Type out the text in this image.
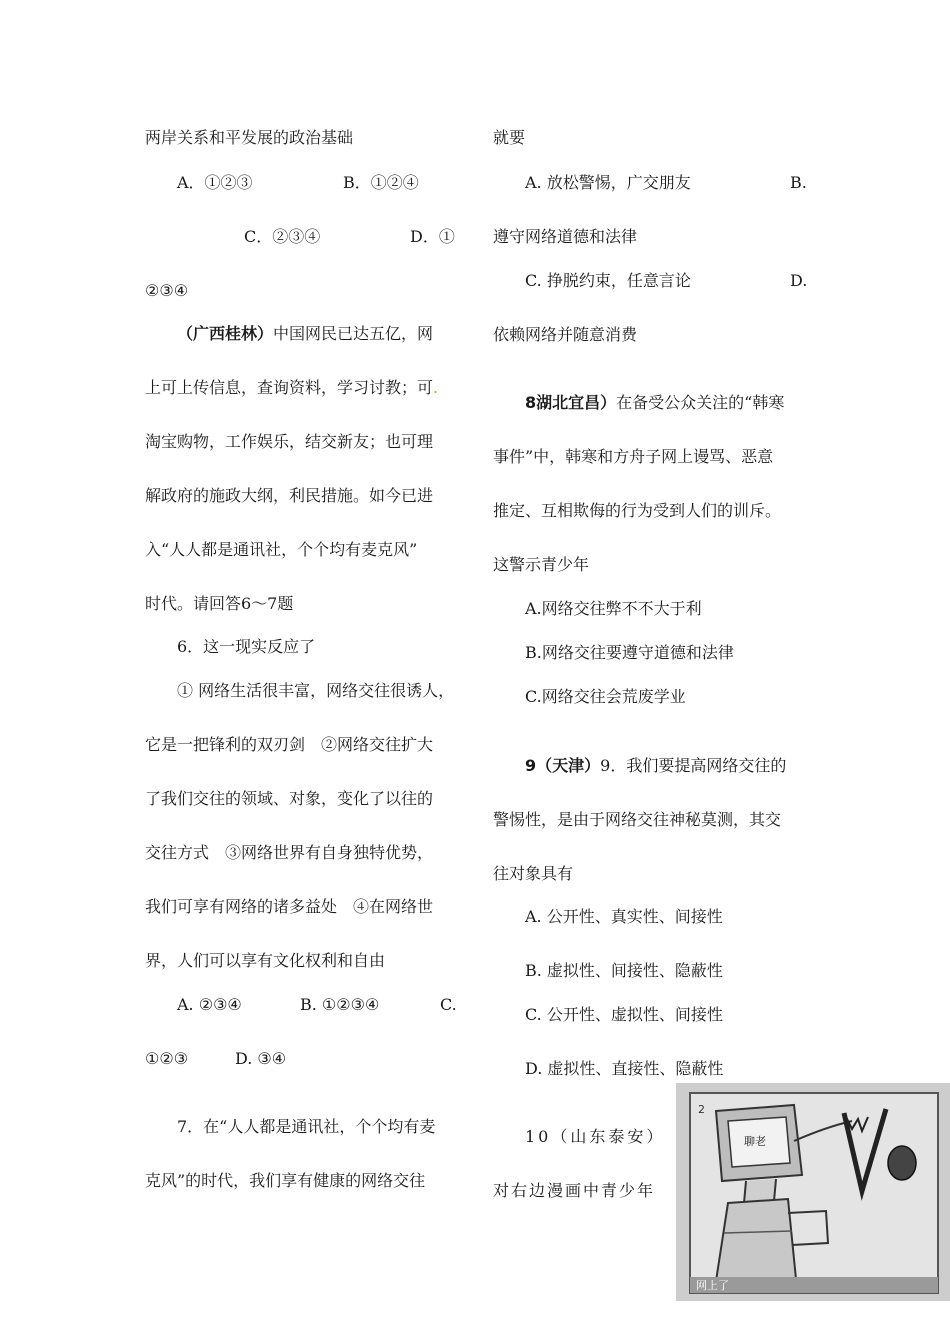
两岸关系和平发展的政治基础
A．①②③	B．①②④
C．②③④	D．①
②③④
（广西桂林）中国网民已达五亿，网
上可上传信息，查询资料，学习讨教；可.
淘宝购物，工作娱乐，结交新友；也可理
解政府的施政大纲，利民措施。如今已进
入“人人都是通讯社，个个均有麦克风”
时代。请回答6～7题
6．这一现实反应了
① 网络生活很丰富，网络交往很诱人，
它是一把锋利的双刃剑　②网络交往扩大
了我们交往的领域、对象，变化了以往的
交往方式　③网络世界有自身独特优势，
我们可享有网络的诸多益处　④在网络世
界，人们可以享有文化权利和自由
A. ②③④	B. ①②③④	C.
①②③	D. ③④
7．在“人人都是通讯社，个个均有麦
克风”的时代，我们享有健康的网络交往
就要
A. 放松警惕，广交朋友	B.
遵守网络道德和法律
C. 挣脱约束，任意言论	D.
依赖网络并随意消费
8湖北宜昌）在备受公众关注的“韩寒
事件”中，韩寒和方舟子网上谩骂、恶意
推定、互相欺侮的行为受到人们的训斥。
这警示青少年
A.网络交往弊不不大于利
B.网络交往要遵守道德和法律
C.网络交往会荒废学业
9（天津）9．我们要提高网络交往的
警惕性，是由于网络交往神秘莫测，其交
往对象具有
A. 公开性、真实性、间接性
B. 虚拟性、间接性、隐蔽性
C. 公开性、虚拟性、间接性
D. 虚拟性、直接性、隐蔽性
10（山东泰安）
对右边漫画中青少年
2
聊老
网上了
